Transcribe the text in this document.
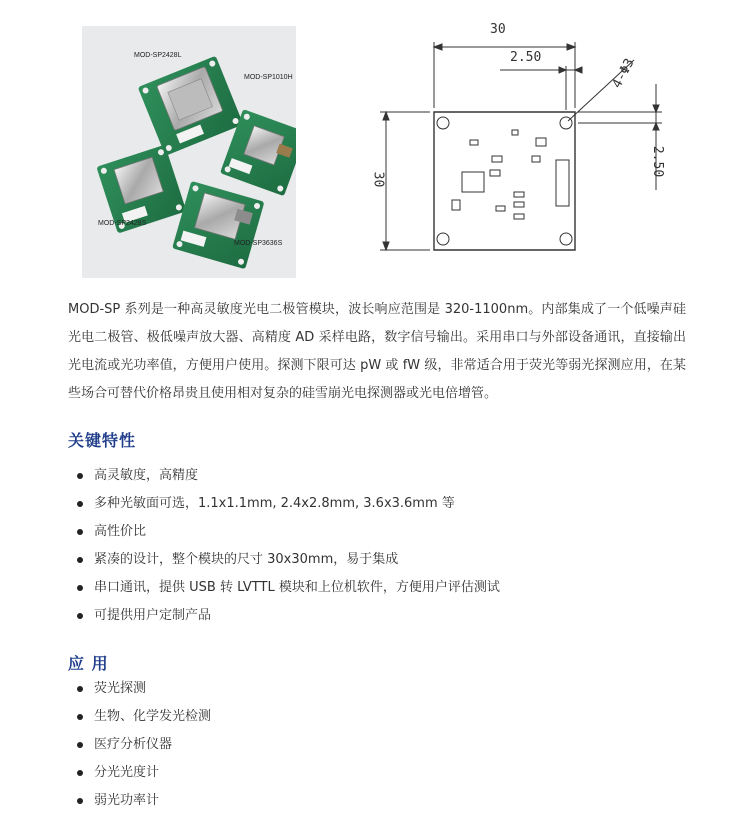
MOD-SP2428L
MOD-SP1010H
MOD-SP2428S
MOD-SP3636S
30
2.50
30
2.50
4-Φ3
MOD-SP 系列是一种高灵敏度光电二极管模块，波长响应范围是 320-1100nm。内部集成了一个低噪声硅光电二极管、极低噪声放大器、高精度 AD 采样电路，数字信号输出。采用串口与外部设备通讯，直接输出光电流或光功率值，方便用户使用。探测下限可达 pW 或 fW 级，非常适合用于荧光等弱光探测应用，在某些场合可替代价格昂贵且使用相对复杂的硅雪崩光电探测器或光电倍增管。
关键特性
高灵敏度，高精度
多种光敏面可选，1.1x1.1mm, 2.4x2.8mm, 3.6x3.6mm 等
高性价比
紧凑的设计，整个模块的尺寸 30x30mm，易于集成
串口通讯，提供 USB 转 LVTTL 模块和上位机软件，方便用户评估测试
可提供用户定制产品
应 用
荧光探测
生物、化学发光检测
医疗分析仪器
分光光度计
弱光功率计
